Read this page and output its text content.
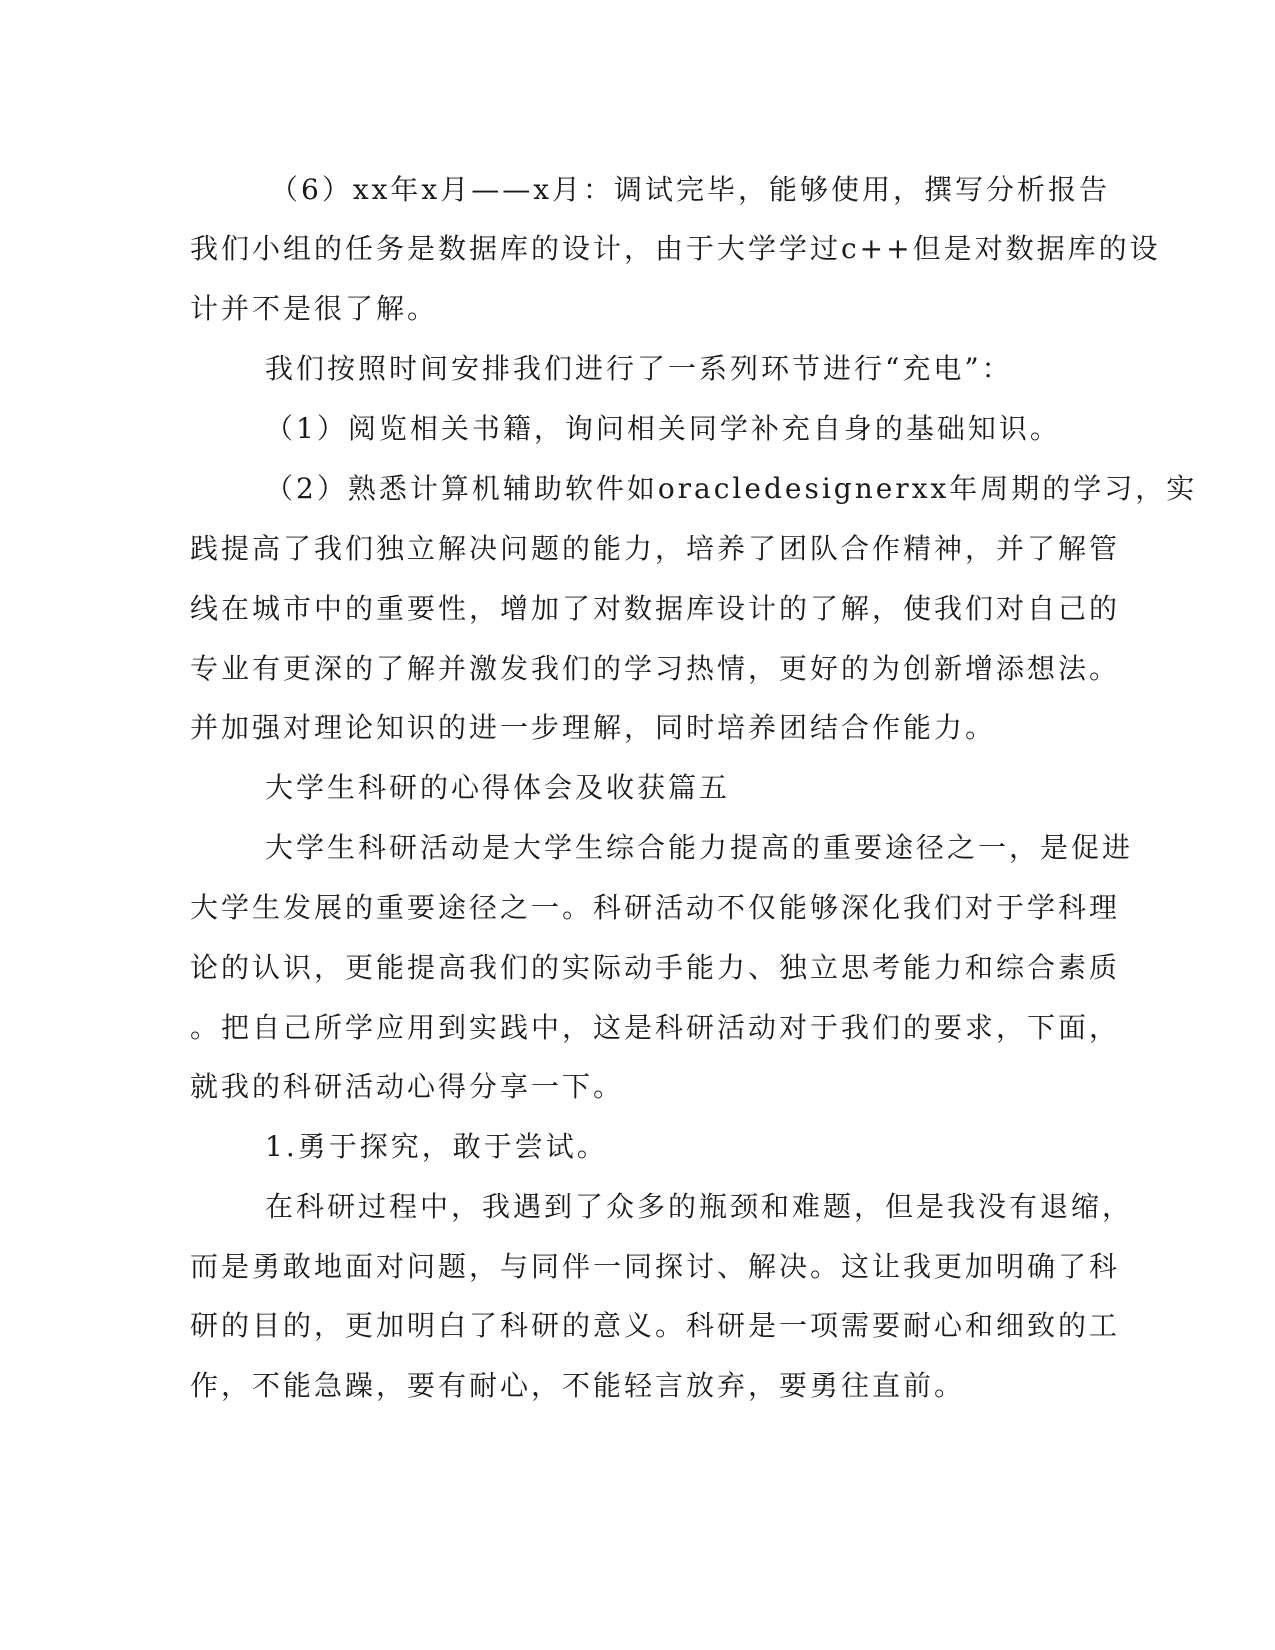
（6）xx年x月——x月：调试完毕，能够使用，撰写分析报告
我们小组的任务是数据库的设计，由于大学学过c++但是对数据库的设
计并不是很了解。
我们按照时间安排我们进行了一系列环节进行“充电”：
（1）阅览相关书籍，询问相关同学补充自身的基础知识。
（2）熟悉计算机辅助软件如oracledesignerxx年周期的学习，实
践提高了我们独立解决问题的能力，培养了团队合作精神，并了解管
线在城市中的重要性，增加了对数据库设计的了解，使我们对自己的
专业有更深的了解并激发我们的学习热情，更好的为创新增添想法。
并加强对理论知识的进一步理解，同时培养团结合作能力。
大学生科研的心得体会及收获篇五
大学生科研活动是大学生综合能力提高的重要途径之一，是促进
大学生发展的重要途径之一。科研活动不仅能够深化我们对于学科理
论的认识，更能提高我们的实际动手能力、独立思考能力和综合素质
。把自己所学应用到实践中，这是科研活动对于我们的要求，下面，
就我的科研活动心得分享一下。
1.勇于探究，敢于尝试。
在科研过程中，我遇到了众多的瓶颈和难题，但是我没有退缩，
而是勇敢地面对问题，与同伴一同探讨、解决。这让我更加明确了科
研的目的，更加明白了科研的意义。科研是一项需要耐心和细致的工
作，不能急躁，要有耐心，不能轻言放弃，要勇往直前。
